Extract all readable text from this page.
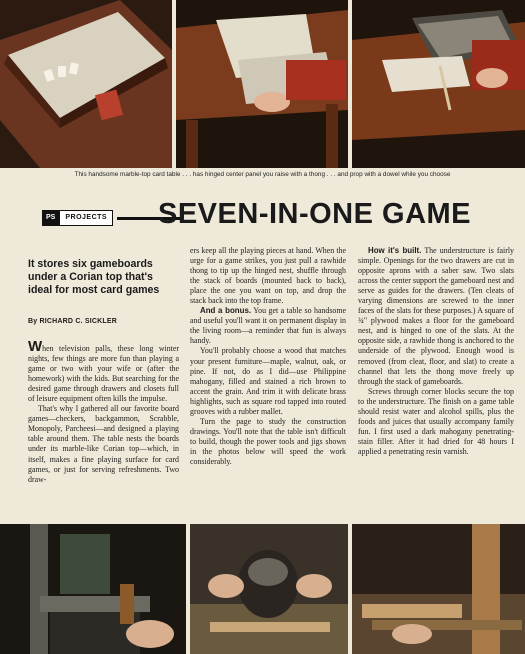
This handsome marble-top card table . . . has hinged center panel you raise with a thong . . . and prop with a dowel while you choose
PS	PROJECTS SEVEN-IN-ONE GAME
It stores six gameboards under a Corian top that's ideal for most card games
By RICHARD C. SICKLER

When television palls, these long winter nights, few things are more fun than playing a game or two with your wife or (after the homework) with the kids. But searching for the desired game through drawers and closets full of leisure equipment often kills the impulse.

That's why I gathered all our favorite board games—checkers, backgammon, Scrabble, Monopoly, Parcheesi—and designed a playing table around them. The table nests the boards under its marble-like Corian top—which, in itself, makes a fine playing surface for card games, or just for serving refreshments. Two draw-

ers keep all the playing pieces at hand. When the urge for a game strikes, you just pull a rawhide thong to tip up the hinged nest, shuffle through the stack of boards (mounted back to back), place the one you want on top, and drop the stack back into the top frame.

And a bonus. You get a table so handsome and useful you'll want it on permanent display in the living room—a reminder that fun is always handy.

You'll probably choose a wood that matches your present furniture—maple, walnut, oak, or pine. If not, do as I did—use Philippine mahogany, filled and stained a rich brown to accent the grain. And trim it with delicate brass highlights, such as square rod tapped into routed grooves with a rubber mallet.

Turn the page to study the construction drawings. You'll note that the table isn't difficult to build, though the power tools and jigs shown in the photos below will speed the work considerably.

How it's built. The understructure is fairly simple. Openings for the two drawers are cut in opposite aprons with a saber saw. Two slats across the center support the gameboard nest and serve as guides for the drawers. (Ten cleats of varying dimensions are screwed to the inner faces of the slats for these purposes.) A square of ¾" plywood makes a floor for the gameboard nest, and is hinged to one of the slats. At the opposite side, a rawhide thong is anchored to the underside of the plywood. Enough wood is removed (from cleat, floor, and slat) to create a channel that lets the thong move freely up through the stack of gameboards.

Screws through corner blocks secure the top to the understructure. The finish on a game table should resist water and alcohol spills, plus the foods and juices that usually accompany family fun. I first used a dark mahogany penetrating-stain filler. After it had dried for 48 hours I applied a penetrating resin varnish.
